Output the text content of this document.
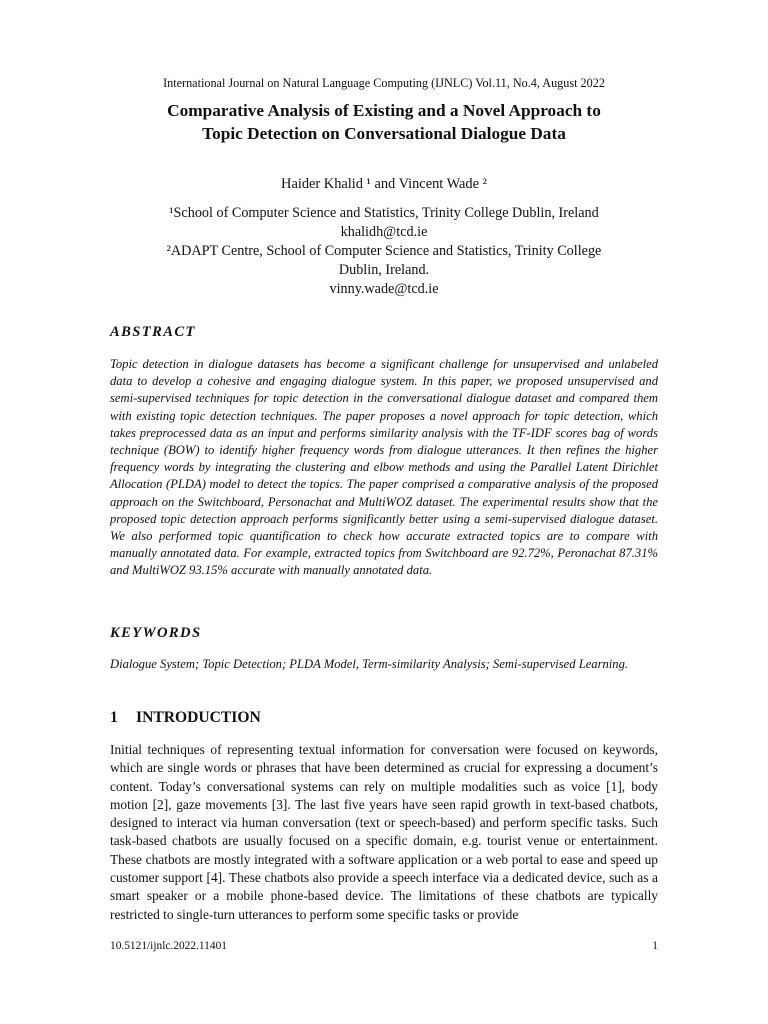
International Journal on Natural Language Computing (IJNLC) Vol.11, No.4, August 2022
Comparative Analysis of Existing and a Novel Approach to
Topic Detection on Conversational Dialogue Data
Haider Khalid ¹ and Vincent Wade ²
¹School of Computer Science and Statistics, Trinity College Dublin, Ireland
khalidh@tcd.ie
²ADAPT Centre, School of Computer Science and Statistics, Trinity College
Dublin, Ireland.
vinny.wade@tcd.ie
ABSTRACT
Topic detection in dialogue datasets has become a significant challenge for unsupervised and unlabeled data to develop a cohesive and engaging dialogue system. In this paper, we proposed unsupervised and semi-supervised techniques for topic detection in the conversational dialogue dataset and compared them with existing topic detection techniques. The paper proposes a novel approach for topic detection, which takes preprocessed data as an input and performs similarity analysis with the TF-IDF scores bag of words technique (BOW) to identify higher frequency words from dialogue utterances. It then refines the higher frequency words by integrating the clustering and elbow methods and using the Parallel Latent Dirichlet Allocation (PLDA) model to detect the topics. The paper comprised a comparative analysis of the proposed approach on the Switchboard, Personachat and MultiWOZ dataset. The experimental results show that the proposed topic detection approach performs significantly better using a semi-supervised dialogue dataset. We also performed topic quantification to check how accurate extracted topics are to compare with manually annotated data. For example, extracted topics from Switchboard are 92.72%, Peronachat 87.31% and MultiWOZ 93.15% accurate with manually annotated data.
KEYWORDS
Dialogue System; Topic Detection; PLDA Model, Term-similarity Analysis; Semi-supervised Learning.
1 INTRODUCTION
Initial techniques of representing textual information for conversation were focused on keywords, which are single words or phrases that have been determined as crucial for expressing a document’s content. Today’s conversational systems can rely on multiple modalities such as voice [1], body motion [2], gaze movements [3]. The last five years have seen rapid growth in text-based chatbots, designed to interact via human conversation (text or speech-based) and perform specific tasks. Such task-based chatbots are usually focused on a specific domain, e.g. tourist venue or entertainment. These chatbots are mostly integrated with a software application or a web portal to ease and speed up customer support [4]. These chatbots also provide a speech interface via a dedicated device, such as a smart speaker or a mobile phone-based device. The limitations of these chatbots are typically restricted to single-turn utterances to perform some specific tasks or provide
10.5121/ijnlc.2022.11401	1
